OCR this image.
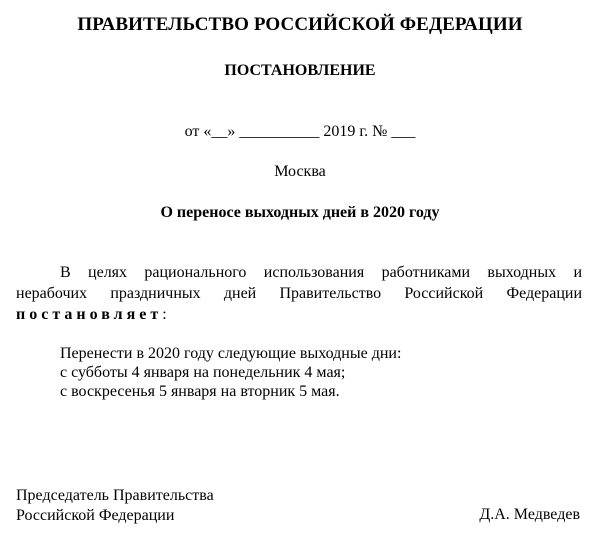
ПРАВИТЕЛЬСТВО РОССИЙСКОЙ ФЕДЕРАЦИИ
ПОСТАНОВЛЕНИЕ
от «__» __________ 2019 г. № ___
Москва
О переносе выходных дней в 2020 году
В целях рационального использования работниками выходных и
нерабочих праздничных дней Правительство Российской Федерации
постановляет:
Перенести в 2020 году следующие выходные дни:
с субботы 4 января на понедельник 4 мая;
с воскресенья 5 января на вторник 5 мая.
Председатель Правительства
Российской Федерации	Д.А. Медведев
